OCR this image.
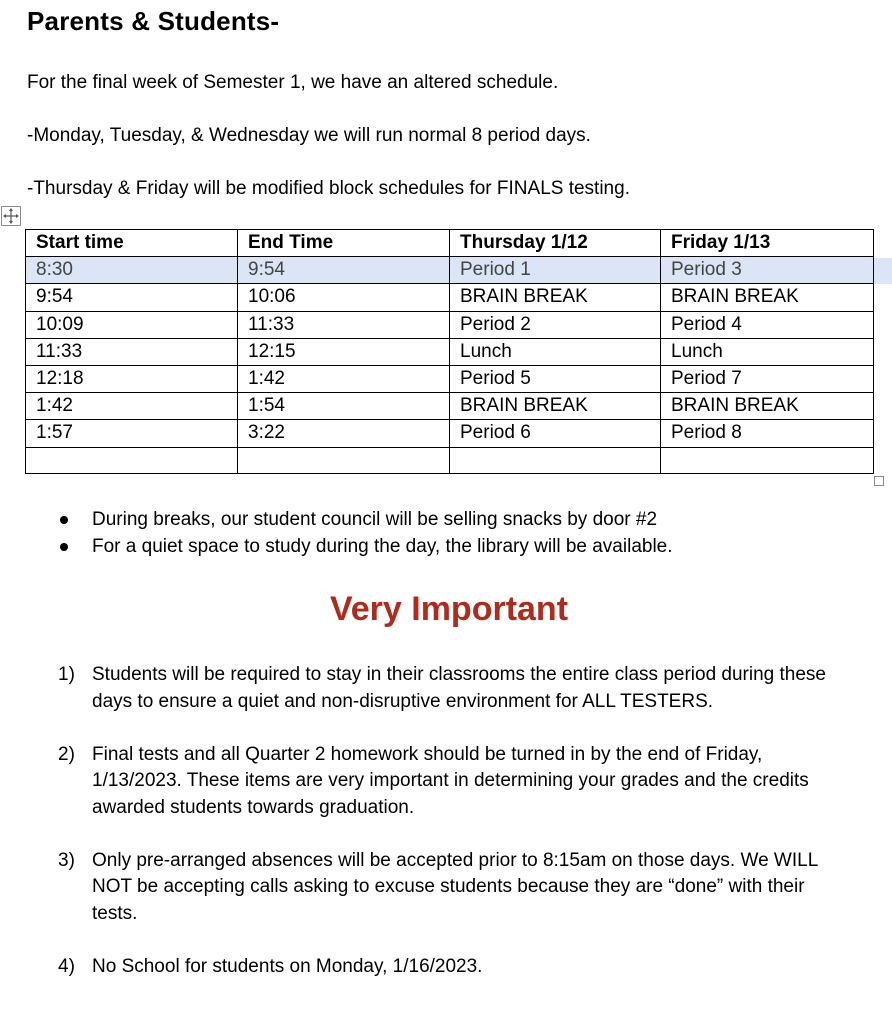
Parents & Students-
For the final week of Semester 1, we have an altered schedule.
-Monday, Tuesday, & Wednesday we will run normal 8 period days.
-Thursday & Friday will be modified block schedules for FINALS testing.
Start time	End Time	Thursday 1/12	Friday 1/13
8:30	9:54	Period 1	Period 3
9:54	10:06	BRAIN BREAK	BRAIN BREAK
10:09	11:33	Period 2	Period 4
11:33	12:15	Lunch	Lunch
12:18	1:42	Period 5	Period 7
1:42	1:54	BRAIN BREAK	BRAIN BREAK
1:57	3:22	Period 6	Period 8

During breaks, our student council will be selling snacks by door #2
For a quiet space to study during the day, the library will be available.
Very Important
1) Students will be required to stay in their classrooms the entire class period during these
days to ensure a quiet and non-disruptive environment for ALL TESTERS.
2) Final tests and all Quarter 2 homework should be turned in by the end of Friday,
1/13/2023. These items are very important in determining your grades and the credits
awarded students towards graduation.
3) Only pre-arranged absences will be accepted prior to 8:15am on those days. We WILL
NOT be accepting calls asking to excuse students because they are “done” with their
tests.
4) No School for students on Monday, 1/16/2023.
